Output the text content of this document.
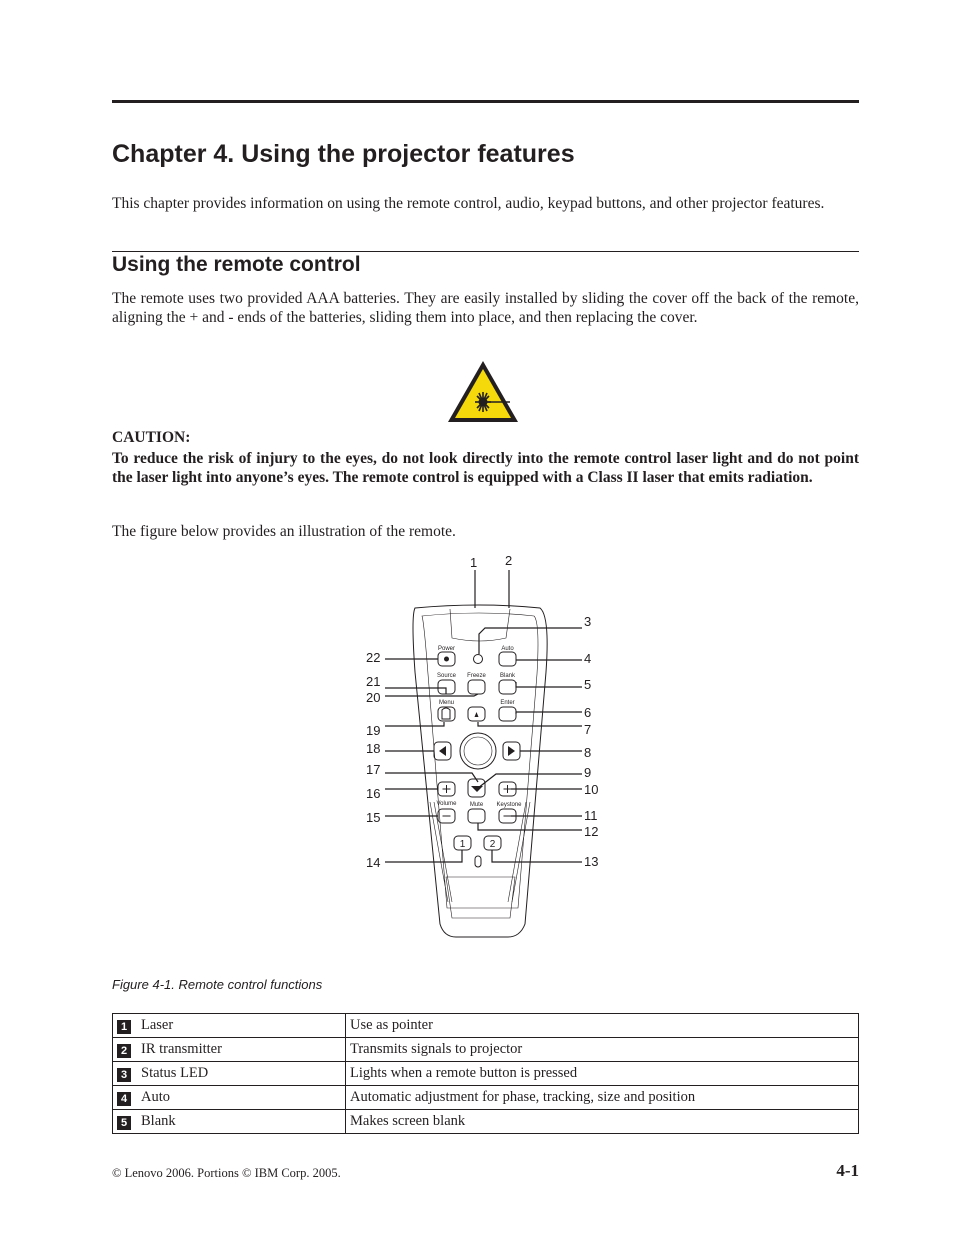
Chapter 4. Using the projector features

This chapter provides information on using the remote control, audio, keypad buttons, and other projector features.

Using the remote control

The remote uses two provided AAA batteries. They are easily installed by sliding the cover off the back of the remote, aligning the + and - ends of the batteries, sliding them into place, and then replacing the cover.

CAUTION:

To reduce the risk of injury to the eyes, do not look directly into the remote control laser light and do not point the laser light into anyone’s eyes. The remote control is equipped with a Class II laser that emits radiation.

The figure below provides an illustration of the remote.

Power	Auto
Source Freeze Blank
Menu	Enter
Volume Mute Keystone
1 2
1 2
3
4
5
6
7
8
9
10
11
12
13
14
15
16
17
18
19
20
21
22

Figure 4-1. Remote control functions

1 Laser	Use as pointer
2 IR transmitter	Transmits signals to projector
3 Status LED	Lights when a remote button is pressed
4 Auto	Automatic adjustment for phase, tracking, size and position
5 Blank	Makes screen blank

© Lenovo 2006. Portions © IBM Corp. 2005.	4-1
